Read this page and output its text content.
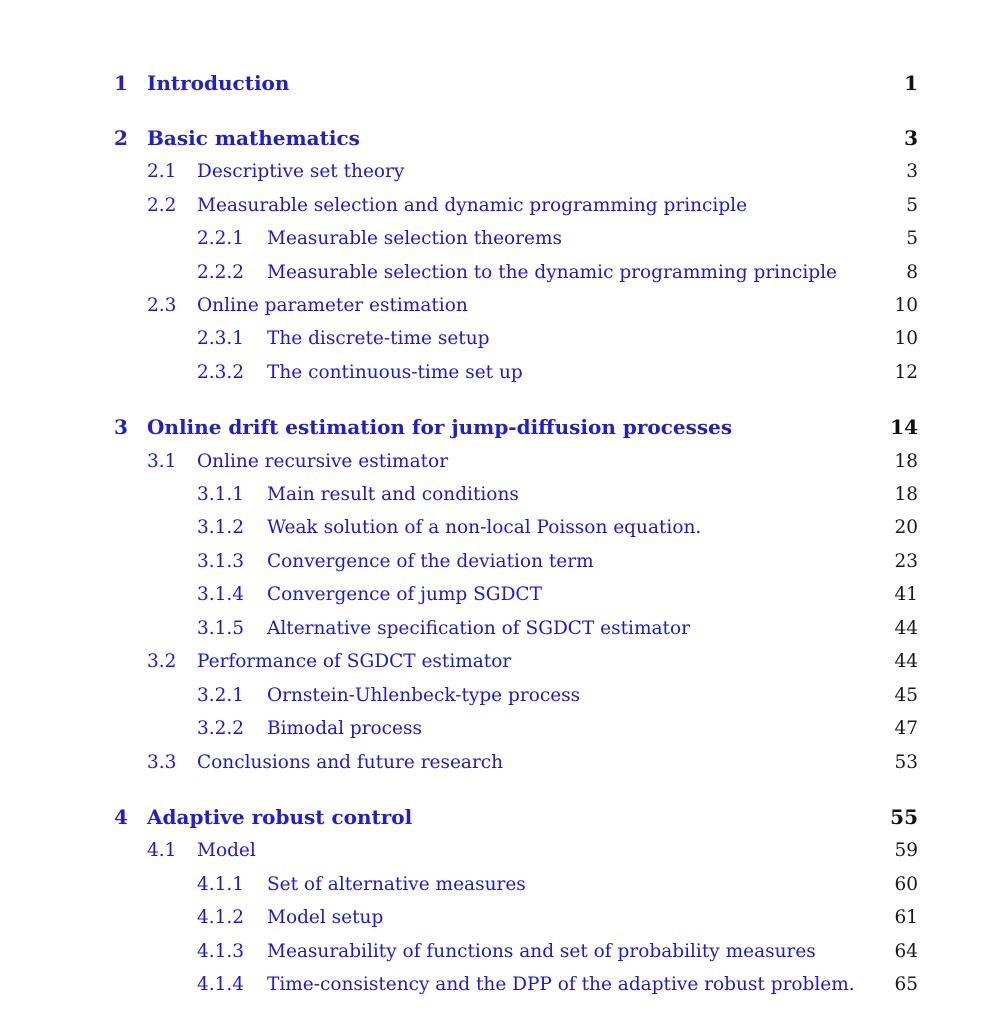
1 Introduction	1
2 Basic mathematics	3
2.1 Descriptive set theory	3
2.2 Measurable selection and dynamic programming principle	5
2.2.1 Measurable selection theorems	5
2.2.2 Measurable selection to the dynamic programming principle	8
2.3 Online parameter estimation	10
2.3.1 The discrete-time setup	10
2.3.2 The continuous-time set up	12
3 Online drift estimation for jump-diffusion processes	14
3.1 Online recursive estimator	18
3.1.1 Main result and conditions	18
3.1.2 Weak solution of a non-local Poisson equation.	20
3.1.3 Convergence of the deviation term	23
3.1.4 Convergence of jump SGDCT	41
3.1.5 Alternative specification of SGDCT estimator	44
3.2 Performance of SGDCT estimator	44
3.2.1 Ornstein-Uhlenbeck-type process	45
3.2.2 Bimodal process	47
3.3 Conclusions and future research	53
4 Adaptive robust control	55
4.1 Model	59
4.1.1 Set of alternative measures	60
4.1.2 Model setup	61
4.1.3 Measurability of functions and set of probability measures	64
4.1.4 Time-consistency and the DPP of the adaptive robust problem.	65
